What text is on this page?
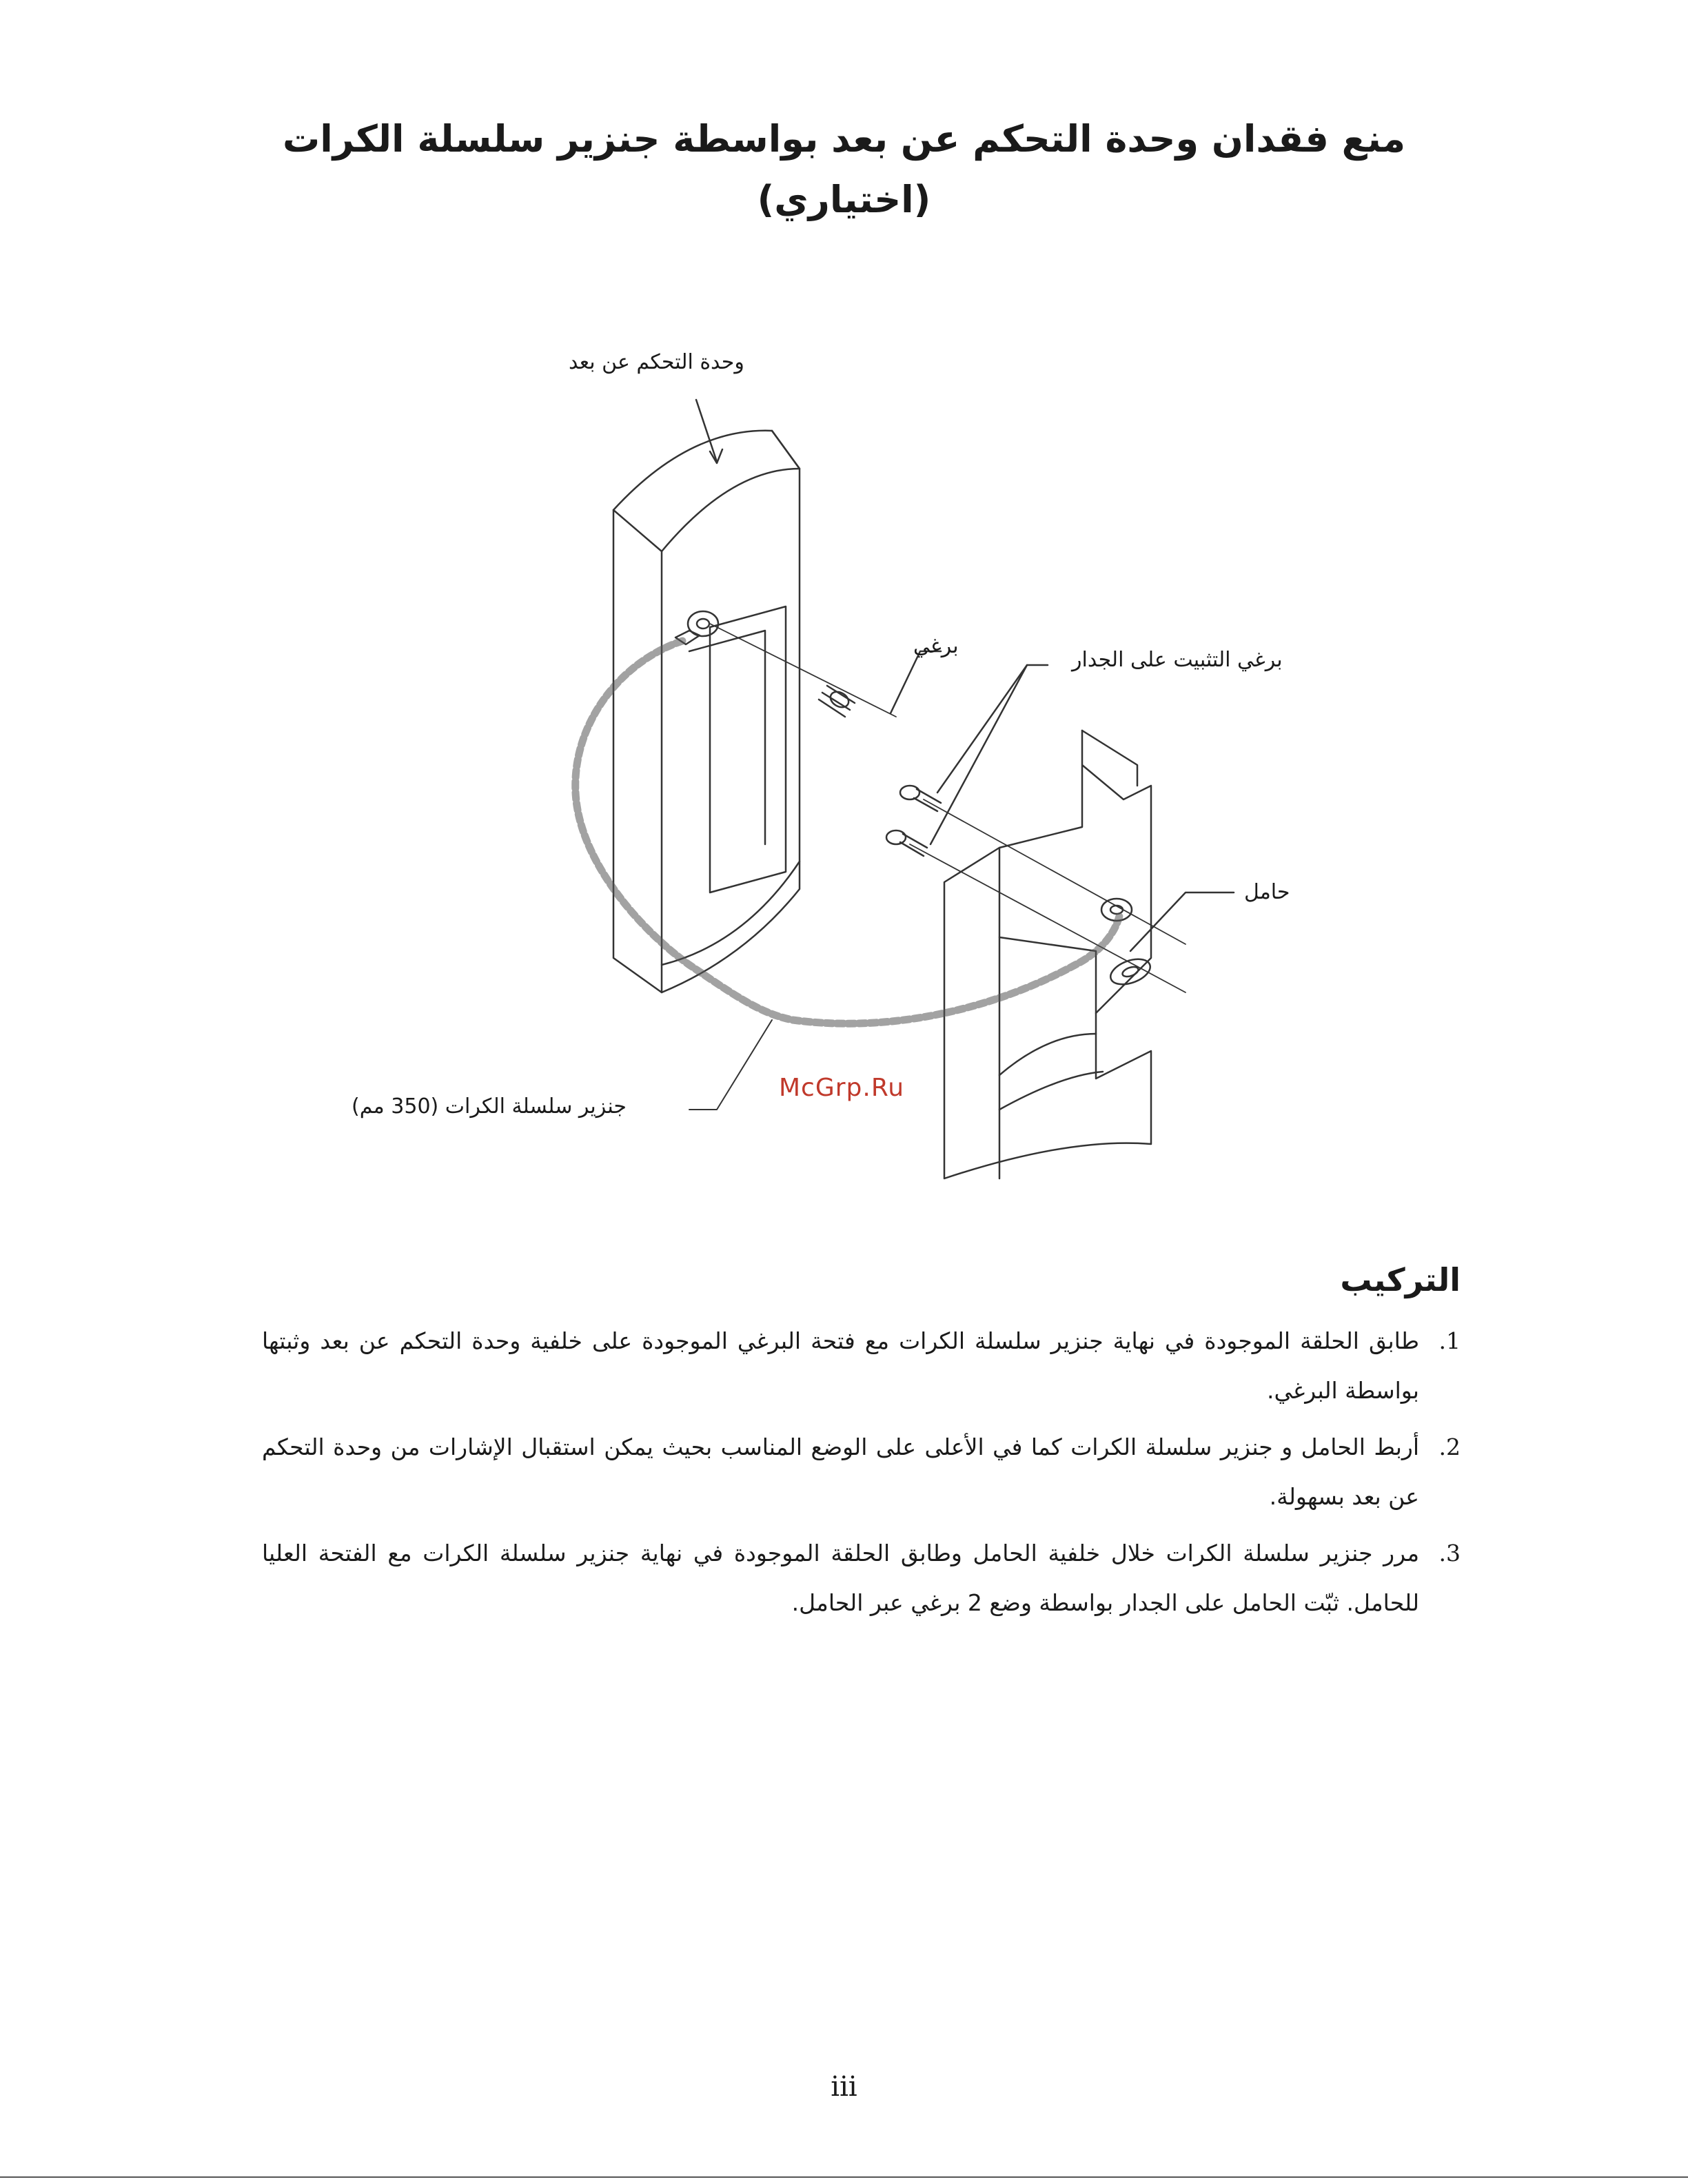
منع فقدان وحدة التحكم عن بعد بواسطة جنزير سلسلة الكرات
(اختياري)
وحدة التحكم عن بعد
برغي
برغي التثبيت على الجدار
حامل
جنزير سلسلة الكرات (350 مم)
McGrp.Ru
التركيب
1.
طابق الحلقة الموجودة في نهاية جنزير سلسلة الكرات مع فتحة البرغي الموجودة على خلفية وحدة التحكم عن بعد وثبتها بواسطة البرغي.
2.
أربط الحامل و جنزير سلسلة الكرات كما في الأعلى على الوضع المناسب بحيث يمكن استقبال الإشارات من وحدة التحكم عن بعد بسهولة.
3.
مرر جنزير سلسلة الكرات خلال خلفية الحامل وطابق الحلقة الموجودة في نهاية جنزير سلسلة الكرات مع الفتحة العليا للحامل. ثبّت الحامل على الجدار بواسطة وضع 2 برغي عبر الحامل.
iii
